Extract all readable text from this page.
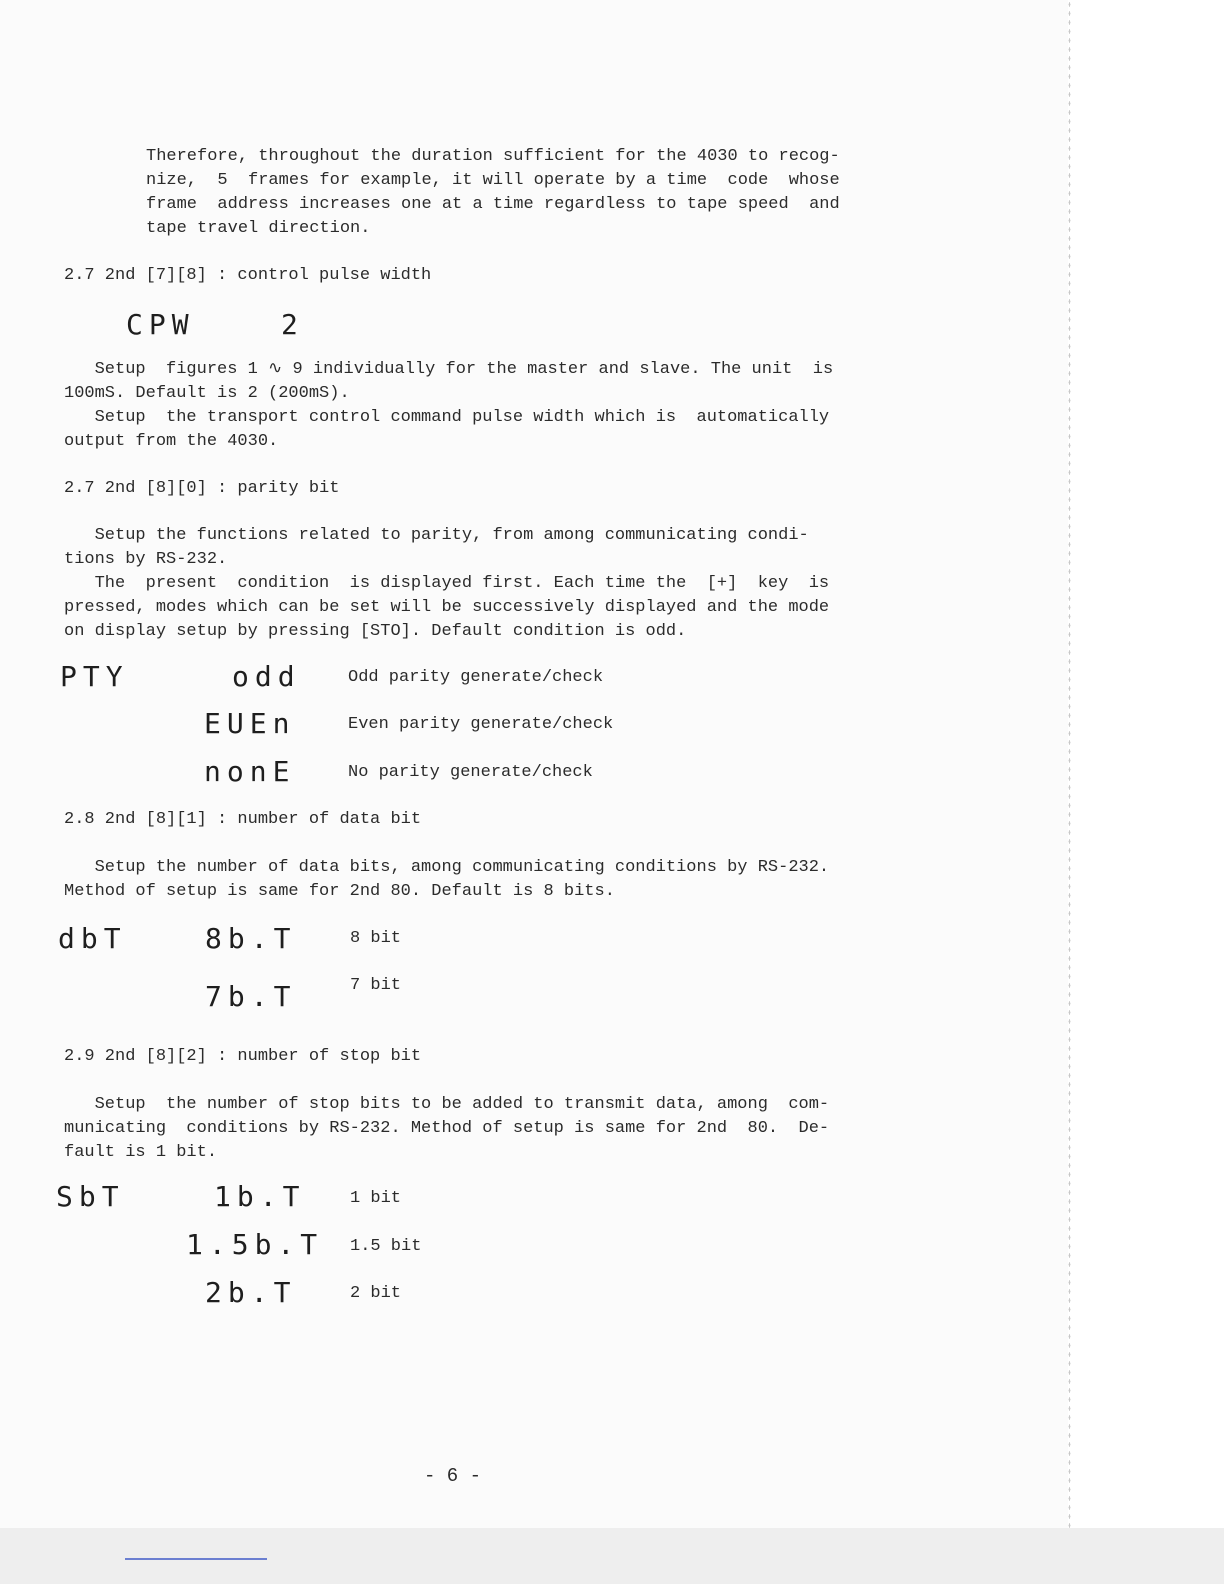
Therefore, throughout the duration sufficient for the 4030 to recog-
nize,  5  frames for example, it will operate by a time  code  whose
frame  address increases one at a time regardless to tape speed  and
tape travel direction.
2.7 2nd [7][8] : control pulse width
CPW	2
Setup  figures 1 ∿ 9 individually for the master and slave. The unit  is
100mS. Default is 2 (200mS).
Setup  the transport control command pulse width which is  automatically
output from the 4030.
2.7 2nd [8][0] : parity bit
Setup the functions related to parity, from among communicating condi-
tions by RS-232.
The  present  condition  is displayed first. Each time the  [+]  key  is
pressed, modes which can be set will be successively displayed and the mode
on display setup by pressing [STO]. Default condition is odd.
PTY	odd	Odd parity generate/check
EUEn	Even parity generate/check
nonE	No parity generate/check
2.8 2nd [8][1] : number of data bit
Setup the number of data bits, among communicating conditions by RS-232.
Method of setup is same for 2nd 80. Default is 8 bits.
dbT	8b.T	8 bit
7b.T	7 bit
2.9 2nd [8][2] : number of stop bit
Setup  the number of stop bits to be added to transmit data, among  com-
municating  conditions by RS-232. Method of setup is same for 2nd  80.  De-
fault is 1 bit.
SbT	1b.T	1 bit
1.5b.T 1.5 bit
2b.T	2 bit
- 6 -
